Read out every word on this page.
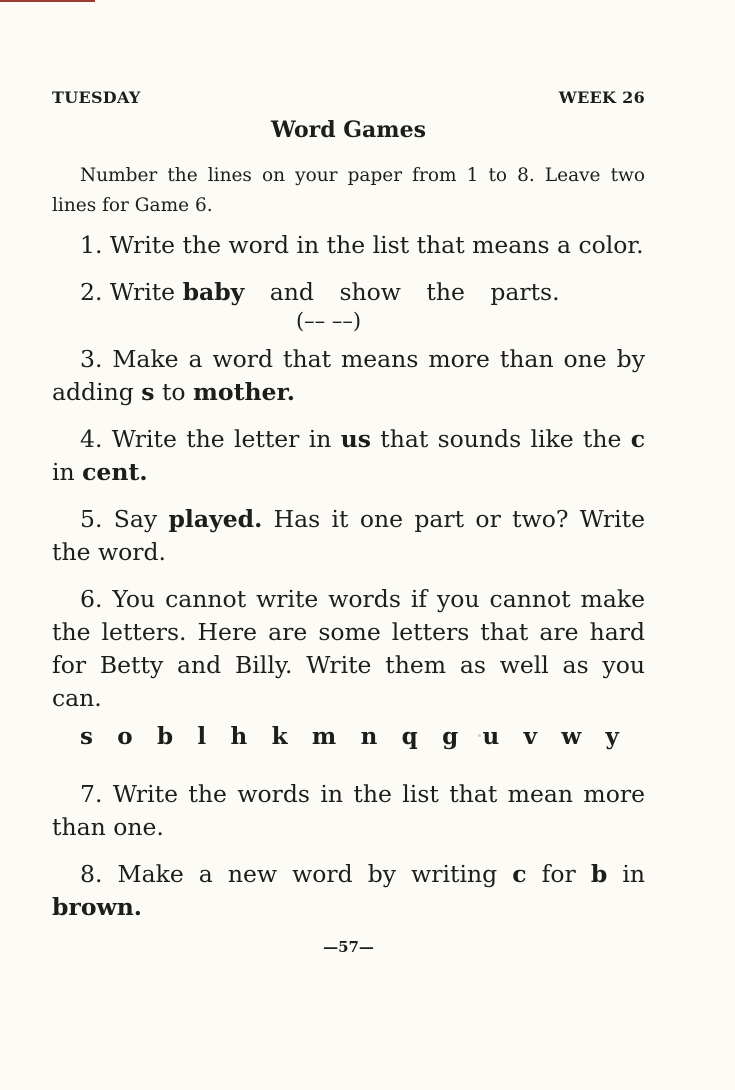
TUESDAY	WEEK 26
Word Games

Number the lines on your paper from 1 to 8. Leave two lines for Game 6.

1. Write the word in the list that means a color.

2. Write baby and show the parts.
(–– ––)

3. Make a word that means more than one by adding s to mother.

4. Write the letter in us that sounds like the c in cent.

5. Say played. Has it one part or two? Write the word.

6. You cannot write words if you cannot make the letters. Here are some letters that are hard for Betty and Billy. Write them as well as you can.

s o b l h k m n q g u v w y

7. Write the words in the list that mean more than one.

8. Make a new word by writing c for b in brown.

—57—
